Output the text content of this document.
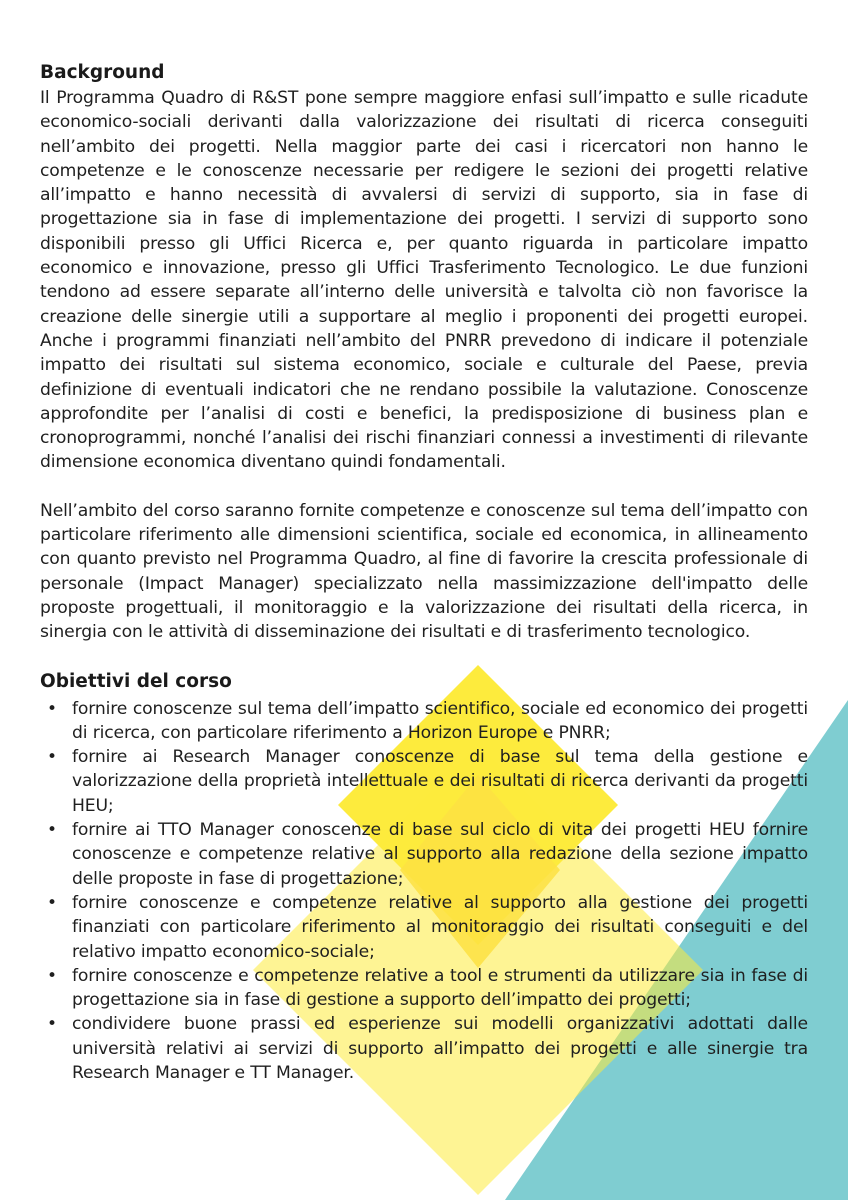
Background

Il Programma Quadro di R&ST pone sempre maggiore enfasi sull’impatto e sulle ricadute economico-sociali derivanti dalla valorizzazione dei risultati di ricerca conseguiti nell’ambito dei progetti. Nella maggior parte dei casi i ricercatori non hanno le competenze e le conoscenze necessarie per redigere le sezioni dei progetti relative all’impatto e hanno necessità di avvalersi di servizi di supporto, sia in fase di progettazione sia in fase di implementazione dei progetti. I servizi di supporto sono disponibili presso gli Uffici Ricerca e, per quanto riguarda in particolare impatto economico e innovazione, presso gli Uffici Trasferimento Tecnologico. Le due funzioni tendono ad essere separate all’interno delle università e talvolta ciò non favorisce la creazione delle sinergie utili a supportare al meglio i proponenti dei progetti europei. Anche i programmi finanziati nell’ambito del PNRR prevedono di indicare il potenziale impatto dei risultati sul sistema economico, sociale e culturale del Paese, previa definizione di eventuali indicatori che ne rendano possibile la valutazione. Conoscenze approfondite per l’analisi di costi e benefici, la predisposizione di business plan e cronoprogrammi, nonché l’analisi dei rischi finanziari connessi a investimenti di rilevante dimensione economica diventano quindi fondamentali.

Nell’ambito del corso saranno fornite competenze e conoscenze sul tema dell’impatto con particolare riferimento alle dimensioni scientifica, sociale ed economica, in allineamento con quanto previsto nel Programma Quadro, al fine di favorire la crescita professionale di personale (Impact Manager) specializzato nella massimizzazione dell'impatto delle proposte progettuali, il monitoraggio e la valorizzazione dei risultati della ricerca, in sinergia con le attività di disseminazione dei risultati e di trasferimento tecnologico.

Obiettivi del corso
• fornire conoscenze sul tema dell’impatto scientifico, sociale ed economico dei progetti di ricerca, con particolare riferimento a Horizon Europe e PNRR;
• fornire ai Research Manager conoscenze di base sul tema della gestione e valorizzazione della proprietà intellettuale e dei risultati di ricerca derivanti da progetti HEU;
• fornire ai TTO Manager conoscenze di base sul ciclo di vita dei progetti HEU fornire conoscenze e competenze relative al supporto alla redazione della sezione impatto delle proposte in fase di progettazione;
• fornire conoscenze e competenze relative al supporto alla gestione dei progetti finanziati con particolare riferimento al monitoraggio dei risultati conseguiti e del relativo impatto economico-sociale;
• fornire conoscenze e competenze relative a tool e strumenti da utilizzare sia in fase di progettazione sia in fase di gestione a supporto dell’impatto dei progetti;
• condividere buone prassi ed esperienze sui modelli organizzativi adottati dalle università relativi ai servizi di supporto all’impatto dei progetti e alle sinergie tra Research Manager e TT Manager.
